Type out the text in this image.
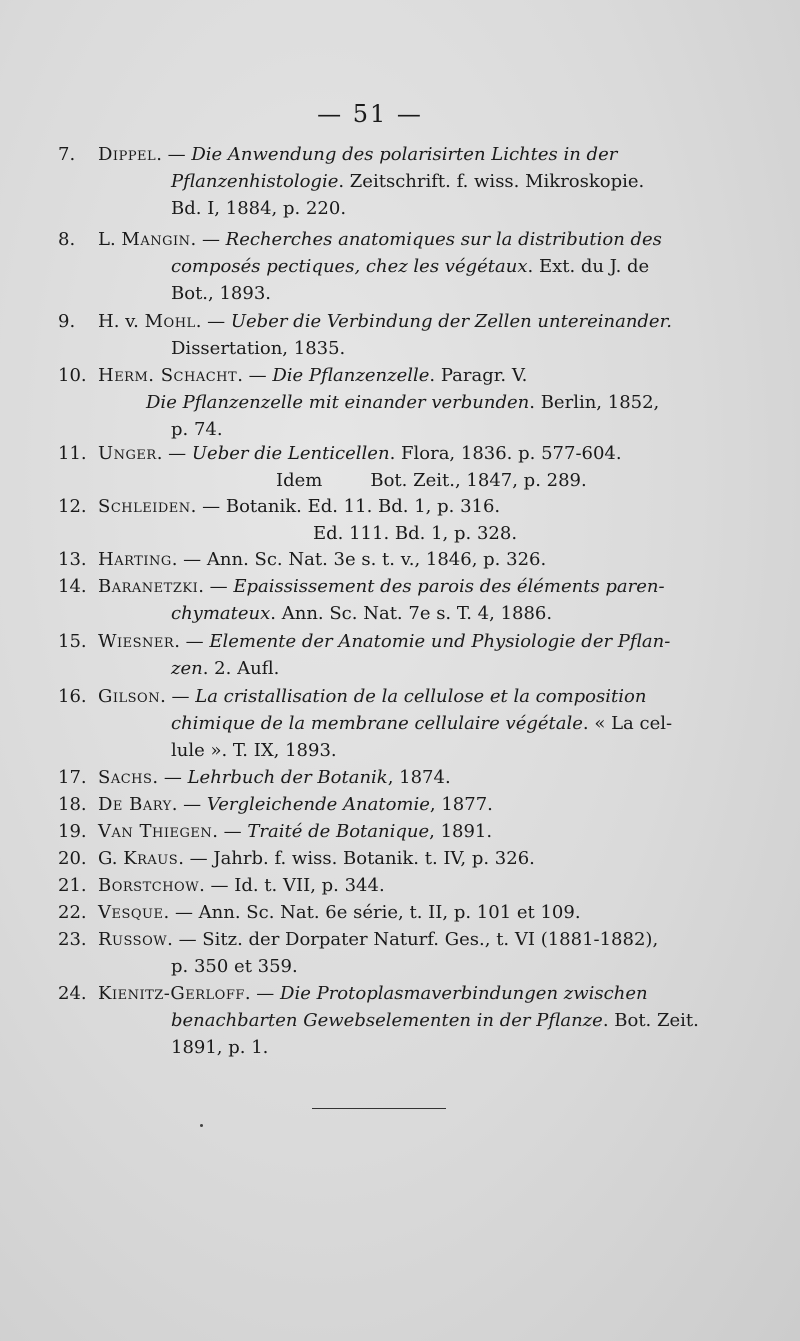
— 51 —
7.	Dippel. — Die Anwendung des polarisirten Lichtes in der
Pflanzenhistologie. Zeitschrift. f. wiss. Mikroskopie.
Bd. I, 1884, p. 220.
8.	L. Mangin. — Recherches anatomiques sur la distribution des
composés pectiques, chez les végétaux. Ext. du J. de
Bot., 1893.
9.	H. v. Mohl. — Ueber die Verbindung der Zellen untereinander.
Dissertation, 1835.
10. Herm. Schacht. — Die Pflanzenzelle. Paragr. V.
Die Pflanzenzelle mit einander verbunden. Berlin, 1852,
p. 74.
11. Unger. — Ueber die Lenticellen. Flora, 1836. p. 577-604.
Idem	Bot. Zeit., 1847, p. 289.
12. Schleiden. — Botanik. Ed. 11. Bd. 1, p. 316.
Ed. 111. Bd. 1, p. 328.
13. Harting. — Ann. Sc. Nat. 3e s. t. v., 1846, p. 326.
14. Baranetzki. — Epaississement des parois des éléments paren-
chymateux. Ann. Sc. Nat. 7e s. T. 4, 1886.
15. Wiesner. — Elemente der Anatomie und Physiologie der Pflan-
zen. 2. Aufl.
16. Gilson. — La cristallisation de la cellulose et la composition
chimique de la membrane cellulaire végétale. « La cel-
lule ». T. IX, 1893.
17. Sachs. — Lehrbuch der Botanik, 1874.
18. De Bary. — Vergleichende Anatomie, 1877.
19. Van Thiegen. — Traité de Botanique, 1891.
20. G. Kraus. — Jahrb. f. wiss. Botanik. t. IV, p. 326.
21. Borstchow. — Id. t. VII, p. 344.
22. Vesque. — Ann. Sc. Nat. 6e série, t. II, p. 101 et 109.
23. Russow. — Sitz. der Dorpater Naturf. Ges., t. VI (1881-1882),
p. 350 et 359.
24. Kienitz-Gerloff. — Die Protoplasmaverbindungen zwischen
benachbarten Gewebselementen in der Pflanze. Bot. Zeit.
1891, p. 1.
